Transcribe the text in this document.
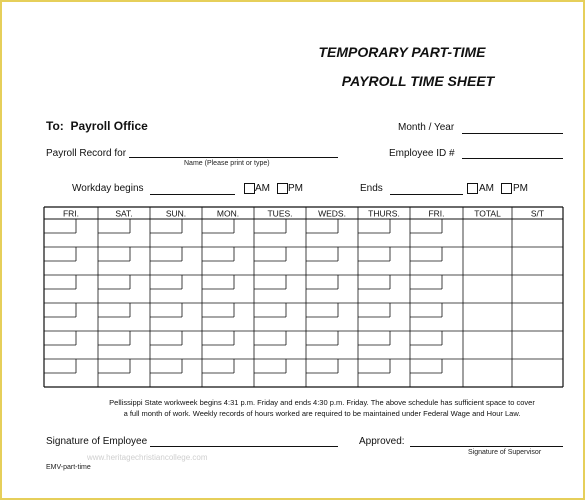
TEMPORARY PART-TIME
PAYROLL TIME SHEET
To: Payroll Office	Month / Year
Payroll Record for
Name (Please print or type)
Employee ID #
Workday begins	AM PM	Ends	AM PM
FRI.	SAT.	SUN.	MON.	TUES.	WEDS.	THURS.	FRI.	TOTAL	S/T
Pellissippi State workweek begins 4:31 p.m. Friday and ends 4:30 p.m. Friday. The above schedule has sufficient space to cover
a full month of work. Weekly records of hours worked are required to be maintained under Federal Wage and Hour Law.
Signature of Employee	Approved:
Signature of Supervisor
www.heritagechristiancollege.com
EMV-part-time
